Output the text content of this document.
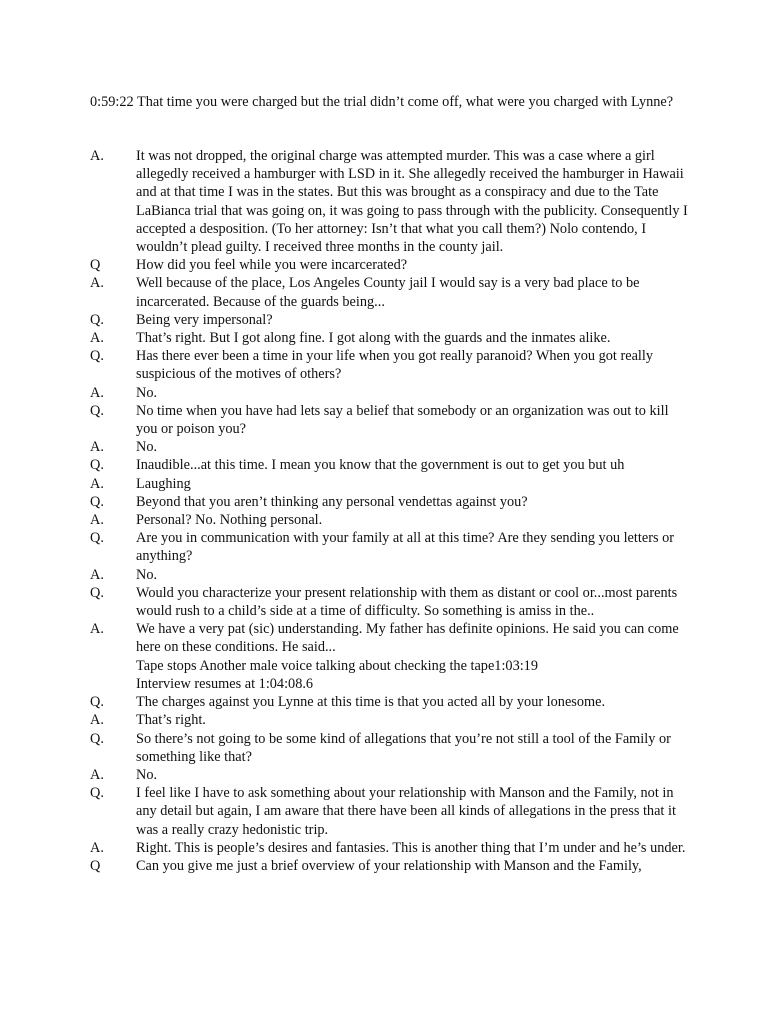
0:59:22 That time you were charged but the trial didn’t come off, what were you charged with Lynne?

A.	It was not dropped, the original charge was attempted murder. This was a case where a girl allegedly received a hamburger with LSD in it. She allegedly received the hamburger in Hawaii and at that time I was in the states. But this was brought as a conspiracy and due to the Tate LaBianca trial that was going on, it was going to pass through with the publicity. Consequently I accepted a desposition. (To her attorney: Isn’t that what you call them?) Nolo contendo, I wouldn’t plead guilty. I received three months in the county jail.
Q	How did you feel while you were incarcerated?
A.	Well because of the place, Los Angeles County jail I would say is a very bad place to be incarcerated. Because of the guards being...
Q.	Being very impersonal?
A.	That’s right. But I got along fine. I got along with the guards and the inmates alike.
Q.	Has there ever been a time in your life when you got really paranoid? When you got really suspicious of the motives of others?
A.	No.
Q.	No time when you have had lets say a belief that somebody or an organization was out to kill you or poison you?
A.	No.
Q.	Inaudible...at this time. I mean you know that the government is out to get you but uh
A.	Laughing
Q.	Beyond that you aren’t thinking any personal vendettas against you?
A.	Personal? No. Nothing personal.
Q.	Are you in communication with your family at all at this time? Are they sending you letters or anything?
A.	No.
Q.	Would you characterize your present relationship with them as distant or cool or...most parents would rush to a child’s side at a time of difficulty. So something is amiss in the..
A.	We have a very pat (sic) understanding. My father has definite opinions. He said you can come here on these conditions. He said...
Tape stops Another male voice talking about checking the tape1:03:19
Interview resumes at 1:04:08.6
Q.	The charges against you Lynne at this time is that you acted all by your lonesome.
A.	That’s right.
Q.	So there’s not going to be some kind of allegations that you’re not still a tool of the Family or something like that?
A.	No.
Q.	I feel like I have to ask something about your relationship with Manson and the Family, not in any detail but again, I am aware that there have been all kinds of allegations in the press that it was a really crazy hedonistic trip.
A.	Right. This is people’s desires and fantasies. This is another thing that I’m under and he’s under.
Q	Can you give me just a brief overview of your relationship with Manson and the Family,
